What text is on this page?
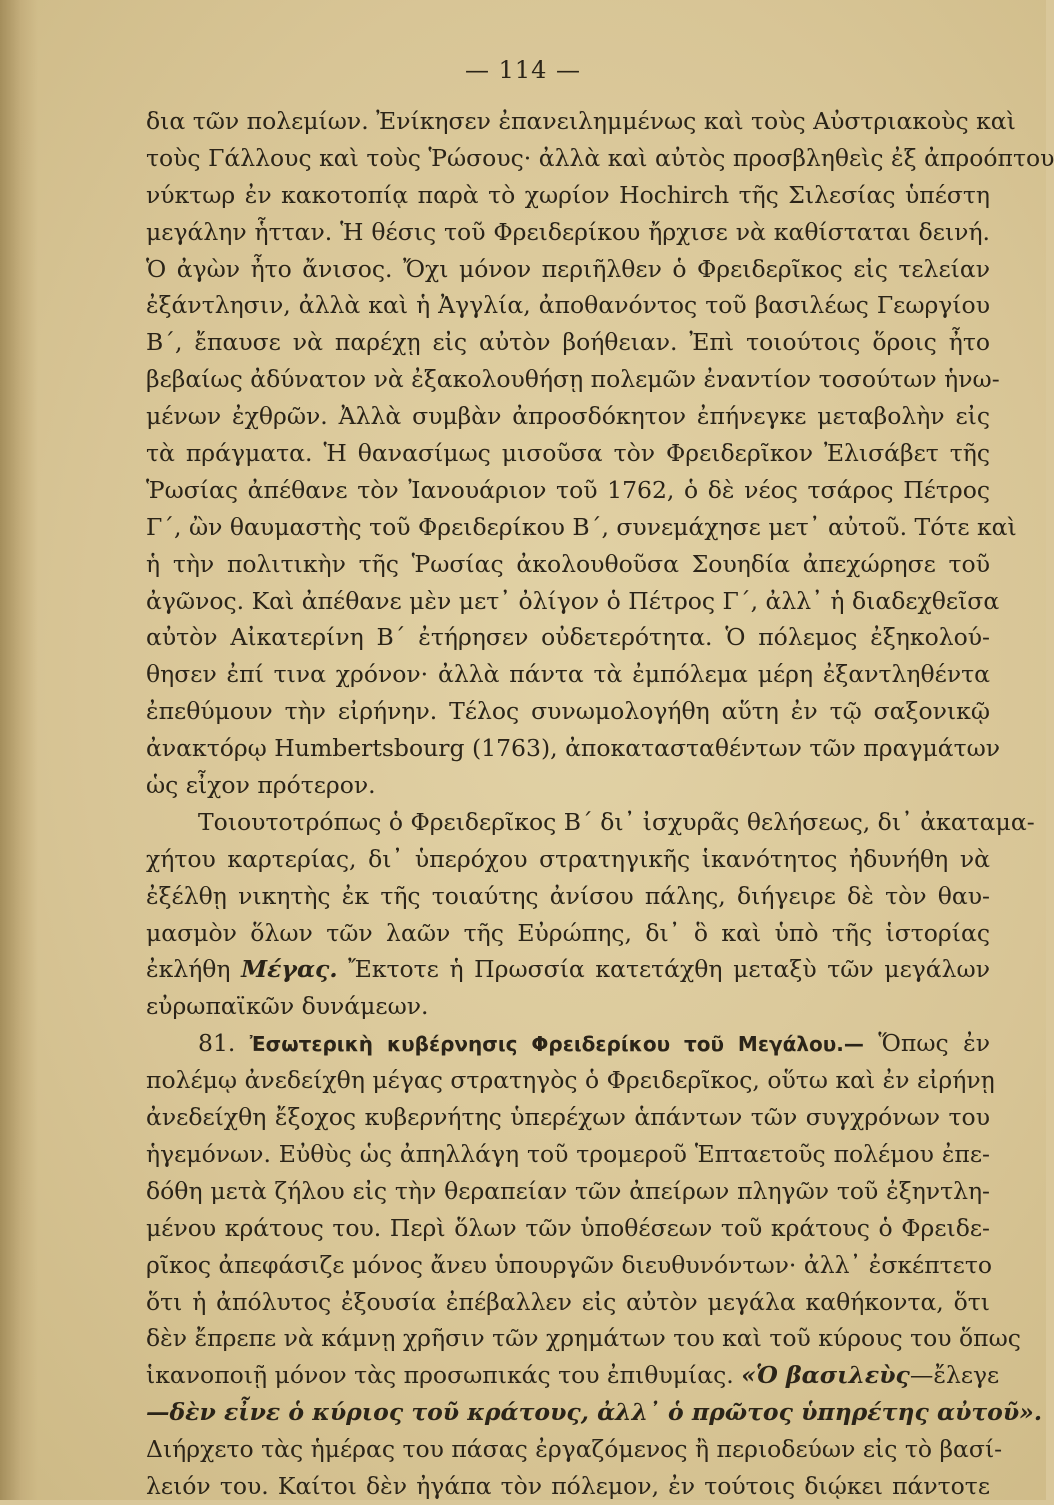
— 114 —
δια τῶν πολεμίων. Ἐνίκησεν ἐπανειλημμένως καὶ τοὺς Αὐστριακοὺς καὶ
τοὺς Γάλλους καὶ τοὺς Ῥώσους· ἀλλὰ καὶ αὐτὸς προσβληθεὶς ἐξ ἀπροόπτου
νύκτωρ ἐν κακοτοπίᾳ παρὰ τὸ χωρίον Hochirch τῆς Σιλεσίας ὑπέστη
μεγάλην ἧτταν. Ἡ θέσις τοῦ Φρειδερίκου ἤρχισε νὰ καθίσταται δεινή.
Ὁ ἀγὼν ἦτο ἄνισος. Ὄχι μόνον περιῆλθεν ὁ Φρειδερῖκος εἰς τελείαν
ἐξάντλησιν, ἀλλὰ καὶ ἡ Ἀγγλία, ἀποθανόντος τοῦ βασιλέως Γεωργίου
Β΄, ἔπαυσε νὰ παρέχῃ εἰς αὐτὸν βοήθειαν. Ἐπὶ τοιούτοις ὅροις ἦτο
βεβαίως ἀδύνατον νὰ ἐξακολουθήσῃ πολεμῶν ἐναντίον τοσούτων ἡνω-
μένων ἐχθρῶν. Ἀλλὰ συμβὰν ἀπροσδόκητον ἐπήνεγκε μεταβολὴν εἰς
τὰ πράγματα. Ἡ θανασίμως μισοῦσα τὸν Φρειδερῖκον Ἐλισάβετ τῆς
Ῥωσίας ἀπέθανε τὸν Ἰανουάριον τοῦ 1762, ὁ δὲ νέος τσάρος Πέτρος
Γ΄, ὢν θαυμαστὴς τοῦ Φρειδερίκου Β΄, συνεμάχησε μετ᾽ αὐτοῦ. Τότε καὶ
ἡ τὴν πολιτικὴν τῆς Ῥωσίας ἀκολουθοῦσα Σουηδία ἀπεχώρησε τοῦ
ἀγῶνος. Καὶ ἀπέθανε μὲν μετ᾽ ὀλίγον ὁ Πέτρος Γ΄, ἀλλ᾽ ἡ διαδεχθεῖσα
αὐτὸν Αἰκατερίνη Β΄ ἐτήρησεν οὐδετερότητα. Ὁ πόλεμος ἐξηκολού-
θησεν ἐπί τινα χρόνον· ἀλλὰ πάντα τὰ ἐμπόλεμα μέρη ἐξαντληθέντα
ἐπεθύμουν τὴν εἰρήνην. Τέλος συνωμολογήθη αὕτη ἐν τῷ σαξονικῷ
ἀνακτόρῳ Humbertsbourg (1763), ἀποκατασταθέντων τῶν πραγμάτων
ὡς εἶχον πρότερον.
Τοιουτοτρόπως ὁ Φρειδερῖκος Β΄ δι᾽ ἰσχυρᾶς θελήσεως, δι᾽ ἀκαταμα-
χήτου καρτερίας, δι᾽ ὑπερόχου στρατηγικῆς ἱκανότητος ἠδυνήθη νὰ
ἐξέλθῃ νικητὴς ἐκ τῆς τοιαύτης ἀνίσου πάλης, διήγειρε δὲ τὸν θαυ-
μασμὸν ὅλων τῶν λαῶν τῆς Εὐρώπης, δι᾽ ὃ καὶ ὑπὸ τῆς ἱστορίας
ἐκλήθη Μέγας. Ἔκτοτε ἡ Πρωσσία κατετάχθη μεταξὺ τῶν μεγάλων
εὐρωπαϊκῶν δυνάμεων.
81. Ἐσωτερικὴ κυβέρνησις Φρειδερίκου τοῦ Μεγάλου.— Ὅπως ἐν
πολέμῳ ἀνεδείχθη μέγας στρατηγὸς ὁ Φρειδερῖκος, οὕτω καὶ ἐν εἰρήνῃ
ἀνεδείχθη ἔξοχος κυβερνήτης ὑπερέχων ἁπάντων τῶν συγχρόνων του
ἡγεμόνων. Εὐθὺς ὡς ἀπηλλάγη τοῦ τρομεροῦ Ἑπταετοῦς πολέμου ἐπε-
δόθη μετὰ ζήλου εἰς τὴν θεραπείαν τῶν ἀπείρων πληγῶν τοῦ ἐξηντλη-
μένου κράτους του. Περὶ ὅλων τῶν ὑποθέσεων τοῦ κράτους ὁ Φρειδε-
ρῖκος ἀπεφάσιζε μόνος ἄνευ ὑπουργῶν διευθυνόντων· ἀλλ᾽ ἐσκέπτετο
ὅτι ἡ ἀπόλυτος ἐξουσία ἐπέβαλλεν εἰς αὐτὸν μεγάλα καθήκοντα, ὅτι
δὲν ἔπρεπε νὰ κάμνῃ χρῆσιν τῶν χρημάτων του καὶ τοῦ κύρους του ὅπως
ἱκανοποιῇ μόνον τὰς προσωπικάς του ἐπιθυμίας. «Ὁ βασιλεὺς—ἔλεγε
—δὲν εἶνε ὁ κύριος τοῦ κράτους, ἀλλ᾽ ὁ πρῶτος ὑπηρέτης αὐτοῦ».
Διήρχετο τὰς ἡμέρας του πάσας ἐργαζόμενος ἢ περιοδεύων εἰς τὸ βασί-
λειόν του. Καίτοι δὲν ἠγάπα τὸν πόλεμον, ἐν τούτοις διῴκει πάντοτε
